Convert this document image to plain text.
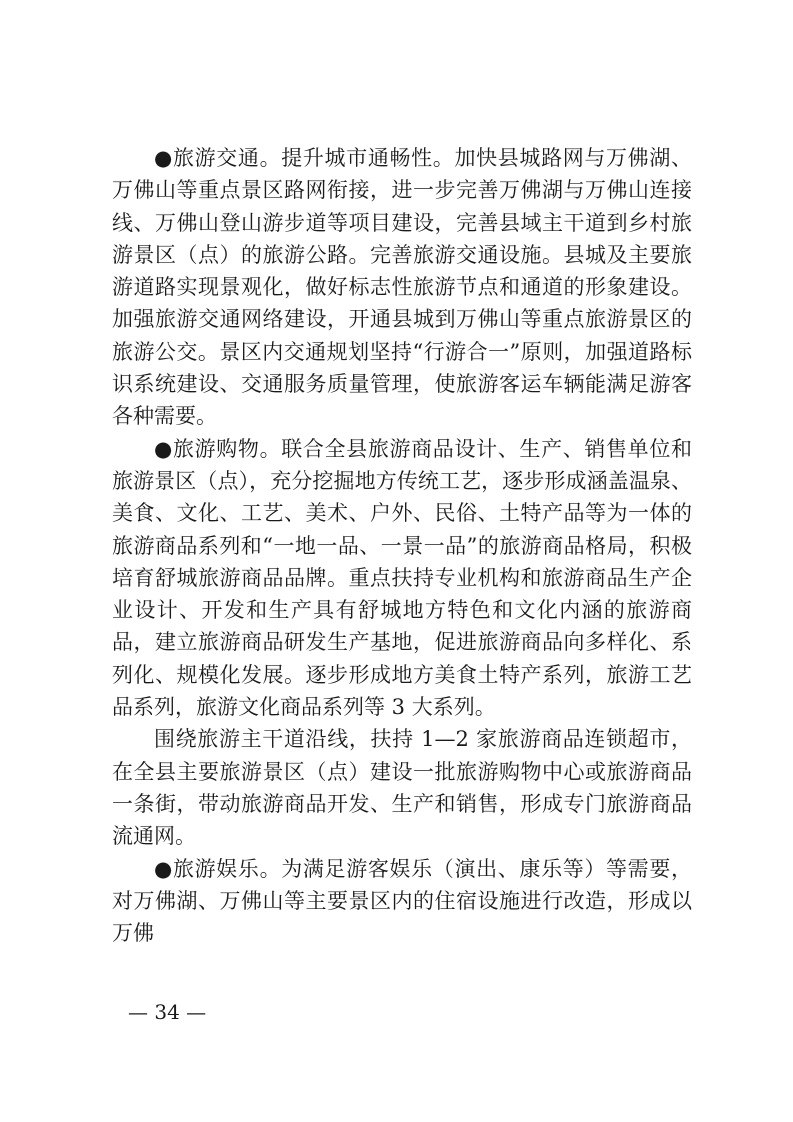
●旅游交通。提升城市通畅性。加快县城路网与万佛湖、万佛山等重点景区路网衔接，进一步完善万佛湖与万佛山连接线、万佛山登山游步道等项目建设，完善县域主干道到乡村旅游景区（点）的旅游公路。完善旅游交通设施。县城及主要旅游道路实现景观化，做好标志性旅游节点和通道的形象建设。加强旅游交通网络建设，开通县城到万佛山等重点旅游景区的旅游公交。景区内交通规划坚持“行游合一”原则，加强道路标识系统建设、交通服务质量管理，使旅游客运车辆能满足游客各种需要。

●旅游购物。联合全县旅游商品设计、生产、销售单位和旅游景区（点），充分挖掘地方传统工艺，逐步形成涵盖温泉、美食、文化、工艺、美术、户外、民俗、土特产品等为一体的旅游商品系列和“一地一品、一景一品”的旅游商品格局，积极培育舒城旅游商品品牌。重点扶持专业机构和旅游商品生产企业设计、开发和生产具有舒城地方特色和文化内涵的旅游商品，建立旅游商品研发生产基地，促进旅游商品向多样化、系列化、规模化发展。逐步形成地方美食土特产系列，旅游工艺品系列，旅游文化商品系列等 3 大系列。

围绕旅游主干道沿线，扶持 1—2 家旅游商品连锁超市，在全县主要旅游景区（点）建设一批旅游购物中心或旅游商品一条街，带动旅游商品开发、生产和销售，形成专门旅游商品流通网。

●旅游娱乐。为满足游客娱乐（演出、康乐等）等需要，对万佛湖、万佛山等主要景区内的住宿设施进行改造，形成以万佛

— 34 —
